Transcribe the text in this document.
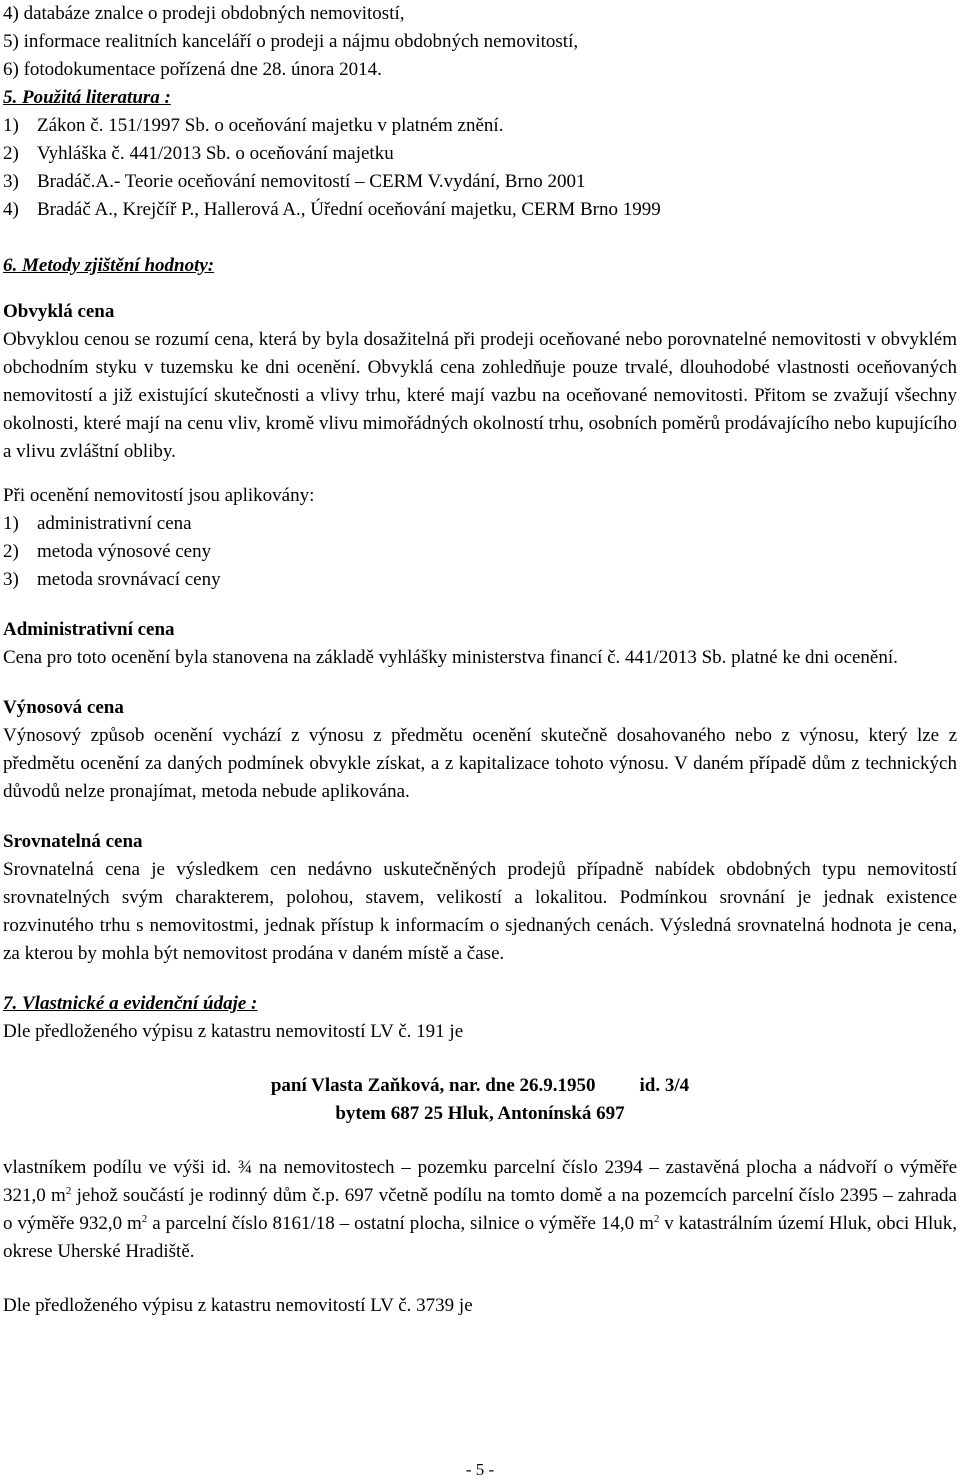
4) databáze znalce o prodeji obdobných nemovitostí,
5) informace realitních kanceláří o prodeji a nájmu obdobných nemovitostí,
6) fotodokumentace pořízená dne 28. února 2014.
5. Použitá literatura :
1) Zákon č. 151/1997 Sb. o oceňování majetku v platném znění.
2) Vyhláška č. 441/2013 Sb. o oceňování majetku
3) Bradáč.A.- Teorie oceňování nemovitostí – CERM V.vydání, Brno 2001
4) Bradáč A., Krejčíř P., Hallerová A., Úřední oceňování majetku, CERM Brno 1999
6. Metody zjištění hodnoty:
Obvyklá cena
Obvyklou cenou se rozumí cena, která by byla dosažitelná při prodeji oceňované nebo porovnatelné nemovitosti v obvyklém obchodním styku v tuzemsku ke dni ocenění. Obvyklá cena zohledňuje pouze trvalé, dlouhodobé vlastnosti oceňovaných nemovitostí a již existující skutečnosti a vlivy trhu, které mají vazbu na oceňované nemovitosti. Přitom se zvažují všechny okolnosti, které mají na cenu vliv, kromě vlivu mimořádných okolností trhu, osobních poměrů prodávajícího nebo kupujícího a vlivu zvláštní obliby.
Při ocenění nemovitostí jsou aplikovány:
1) administrativní cena
2) metoda výnosové ceny
3) metoda srovnávací ceny
Administrativní cena
Cena pro toto ocenění byla stanovena na základě vyhlášky ministerstva financí č. 441/2013 Sb. platné ke dni ocenění.
Výnosová cena
Výnosový způsob ocenění vychází z výnosu z předmětu ocenění skutečně dosahovaného nebo z výnosu, který lze z předmětu ocenění za daných podmínek obvykle získat, a z kapitalizace tohoto výnosu. V daném případě dům z technických důvodů nelze pronajímat, metoda nebude aplikována.
Srovnatelná cena
Srovnatelná cena je výsledkem cen nedávno uskutečněných prodejů případně nabídek obdobných typu nemovitostí srovnatelných svým charakterem, polohou, stavem, velikostí a lokalitou. Podmínkou srovnání je jednak existence rozvinutého trhu s nemovitostmi, jednak přístup k informacím o sjednaných cenách. Výsledná srovnatelná hodnota je cena, za kterou by mohla být nemovitost prodána v daném místě a čase.
7. Vlastnické a evidenční údaje :
Dle předloženého výpisu z katastru nemovitostí LV č. 191 je
paní Vlasta Zaňková, nar. dne 26.9.1950 id. 3/4
bytem 687 25 Hluk, Antonínská 697
vlastníkem podílu ve výši id. ¾ na nemovitostech – pozemku parcelní číslo 2394 – zastavěná plocha a nádvoří o výměře 321,0 $m^2$ jehož součástí je rodinný dům č.p. 697 včetně podílu na tomto domě a na pozemcích parcelní číslo 2395 – zahrada o výměře 932,0 $m^2$ a parcelní číslo 8161/18 – ostatní plocha, silnice o výměře 14,0 $m^2$ v katastrálním území Hluk, obci Hluk, okrese Uherské Hradiště.
Dle předloženého výpisu z katastru nemovitostí LV č. 3739 je
- 5 -
